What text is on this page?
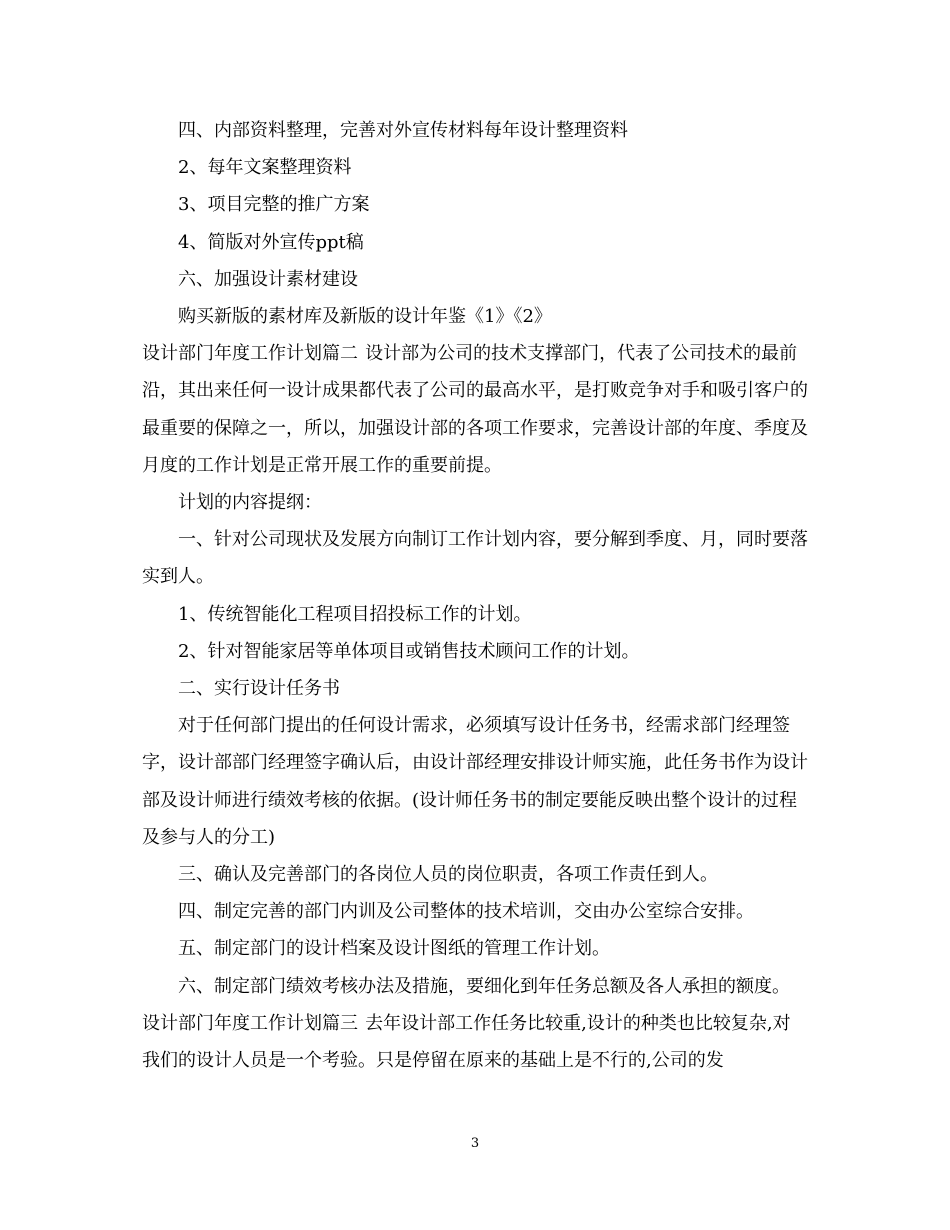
四、内部资料整理，完善对外宣传材料每年设计整理资料

2、每年文案整理资料

3、项目完整的推广方案

4、简版对外宣传ppt稿

六、加强设计素材建设

购买新版的素材库及新版的设计年鉴《1》《2》

设计部门年度工作计划篇二	设计部为公司的技术支撑部门，代表了公司技术的最前沿，其出来任何一设计成果都代表了公司的最高水平，是打败竞争对手和吸引客户的最重要的保障之一，所以，加强设计部的各项工作要求，完善设计部的年度、季度及月度的工作计划是正常开展工作的重要前提。

计划的内容提纲：

一、针对公司现状及发展方向制订工作计划内容，要分解到季度、月，同时要落实到人。

1、传统智能化工程项目招投标工作的计划。

2、针对智能家居等单体项目或销售技术顾问工作的计划。

二、实行设计任务书

对于任何部门提出的任何设计需求，必须填写设计任务书，经需求部门经理签字，设计部部门经理签字确认后，由设计部经理安排设计师实施，此任务书作为设计部及设计师进行绩效考核的依据。(设计师任务书的制定要能反映出整个设计的过程及参与人的分工)

三、确认及完善部门的各岗位人员的岗位职责，各项工作责任到人。

四、制定完善的部门内训及公司整体的技术培训，交由办公室综合安排。

五、制定部门的设计档案及设计图纸的管理工作计划。

六、制定部门绩效考核办法及措施，要细化到年任务总额及各人承担的额度。

设计部门年度工作计划篇三	去年设计部工作任务比较重,设计的种类也比较复杂,对我们的设计人员是一个考验。只是停留在原来的基础上是不行的,公司的发

3
